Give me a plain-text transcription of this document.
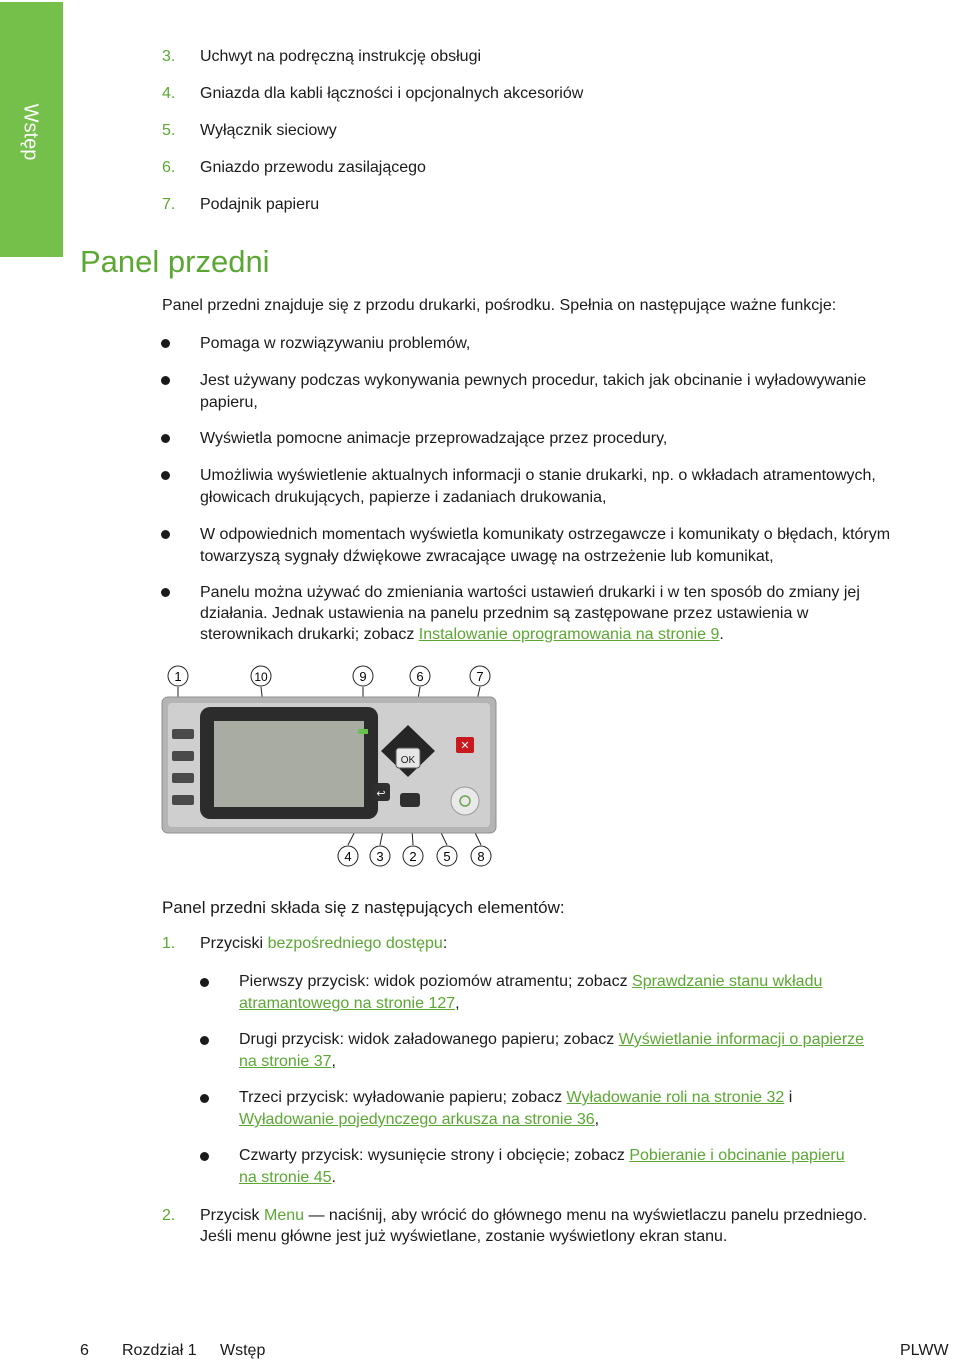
Wstęp
3. Uchwyt na podręczną instrukcję obsługi
4. Gniazda dla kabli łączności i opcjonalnych akcesoriów
5. Wyłącznik sieciowy
6. Gniazdo przewodu zasilającego
7. Podajnik papieru
Panel przedni
Panel przedni znajduje się z przodu drukarki, pośrodku. Spełnia on następujące ważne funkcje:
Pomaga w rozwiązywaniu problemów,
Jest używany podczas wykonywania pewnych procedur, takich jak obcinanie i wyładowywanie
papieru,
Wyświetla pomocne animacje przeprowadzające przez procedury,
Umożliwia wyświetlenie aktualnych informacji o stanie drukarki, np. o wkładach atramentowych,
głowicach drukujących, papierze i zadaniach drukowania,
W odpowiednich momentach wyświetla komunikaty ostrzegawcze i komunikaty o błędach, którym
towarzyszą sygnały dźwiękowe zwracające uwagę na ostrzeżenie lub komunikat,
Panelu można używać do zmieniania wartości ustawień drukarki i w ten sposób do zmiany jej
działania. Jednak ustawienia na panelu przednim są zastępowane przez ustawienia w
sterownikach drukarki; zobacz Instalowanie oprogramowania na stronie 9.
OK
↩
✕
1	10	9	6	7
4 3 2 5 8
Panel przedni składa się z następujących elementów:
1. Przyciski bezpośredniego dostępu:
Pierwszy przycisk: widok poziomów atramentu; zobacz Sprawdzanie stanu wkładu
atramantowego na stronie 127,
Drugi przycisk: widok załadowanego papieru; zobacz Wyświetlanie informacji o papierze
na stronie 37,
Trzeci przycisk: wyładowanie papieru; zobacz Wyładowanie roli na stronie 32 i
Wyładowanie pojedynczego arkusza na stronie 36,
Czwarty przycisk: wysunięcie strony i obcięcie; zobacz Pobieranie i obcinanie papieru
na stronie 45.
2. Przycisk Menu — naciśnij, aby wrócić do głównego menu na wyświetlaczu panelu przedniego.
Jeśli menu główne jest już wyświetlane, zostanie wyświetlony ekran stanu.
6 Rozdział 1 Wstęp	PLWW
